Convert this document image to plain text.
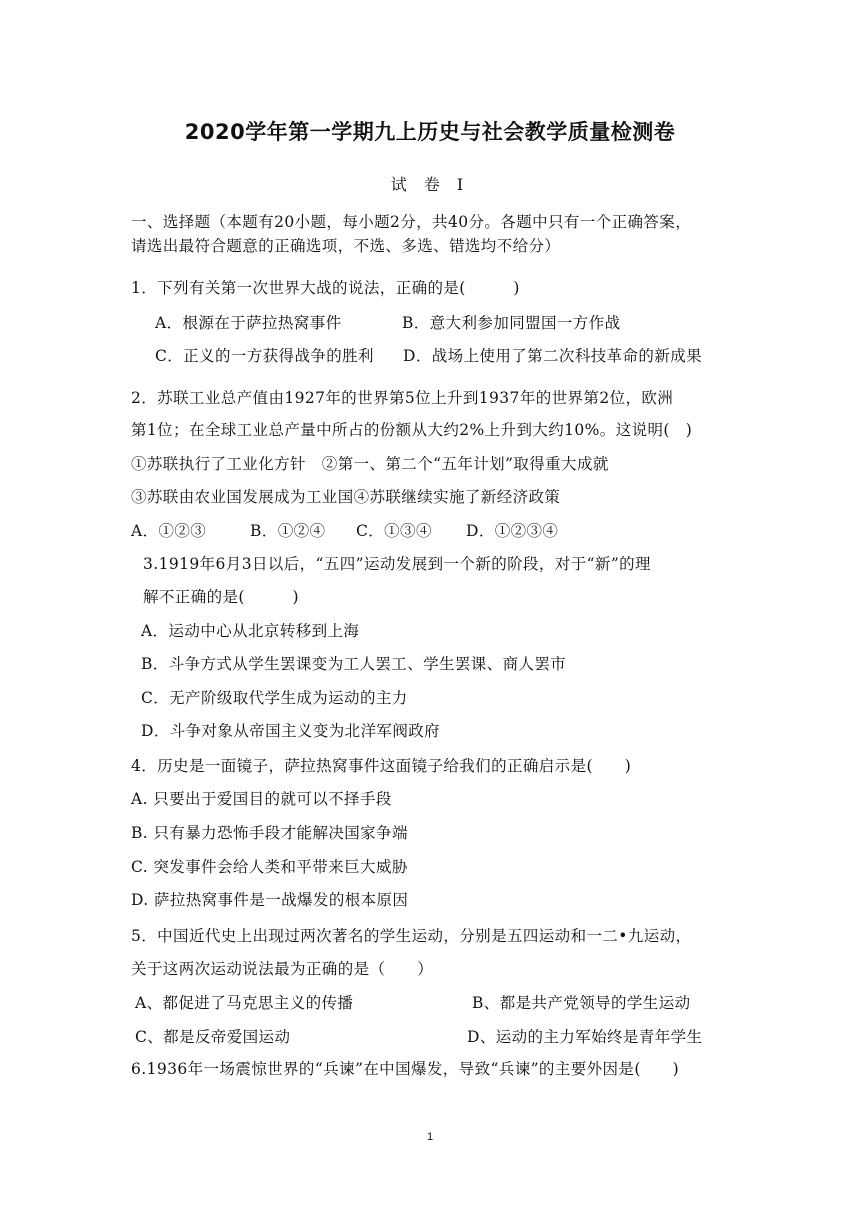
2020学年第一学期九上历史与社会教学质量检测卷
试 卷 I
一、选择题（本题有20小题，每小题2分，共40分。各题中只有一个正确答案，
请选出最符合题意的正确选项，不选、多选、错选均不给分）
1．下列有关第一次世界大战的说法，正确的是(　　　)
A．根源在于萨拉热窝事件	B．意大利参加同盟国一方作战
C．正义的一方获得战争的胜利 D．战场上使用了第二次科技革命的新成果
2．苏联工业总产值由1927年的世界第5位上升到1937年的世界第2位，欧洲
第1位；在全球工业总产量中所占的份额从大约2%上升到大约10%。这说明(　)
①苏联执行了工业化方针　②第一、第二个“五年计划”取得重大成就
③苏联由农业国发展成为工业国④苏联继续实施了新经济政策
A．①②③	B．①②④ C．①③④ D．①②③④
3.1919年6月3日以后，“五四”运动发展到一个新的阶段，对于“新”的理
解不正确的是(　　　)
A．运动中心从北京转移到上海
B．斗争方式从学生罢课变为工人罢工、学生罢课、商人罢市
C．无产阶级取代学生成为运动的主力
D．斗争对象从帝国主义变为北洋军阀政府
4．历史是一面镜子，萨拉热窝事件这面镜子给我们的正确启示是(　　)
A. 只要出于爱国目的就可以不择手段
B. 只有暴力恐怖手段才能解决国家争端
C. 突发事件会给人类和平带来巨大威胁
D. 萨拉热窝事件是一战爆发的根本原因
5．中国近代史上出现过两次著名的学生运动，分别是五四运动和一二•九运动，
关于这两次运动说法最为正确的是（　　）
A、都促进了马克思主义的传播	B、都是共产党领导的学生运动
C、都是反帝爱国运动	D、运动的主力军始终是青年学生
6.1936年一场震惊世界的“兵谏”在中国爆发，导致“兵谏”的主要外因是(　　)
1
